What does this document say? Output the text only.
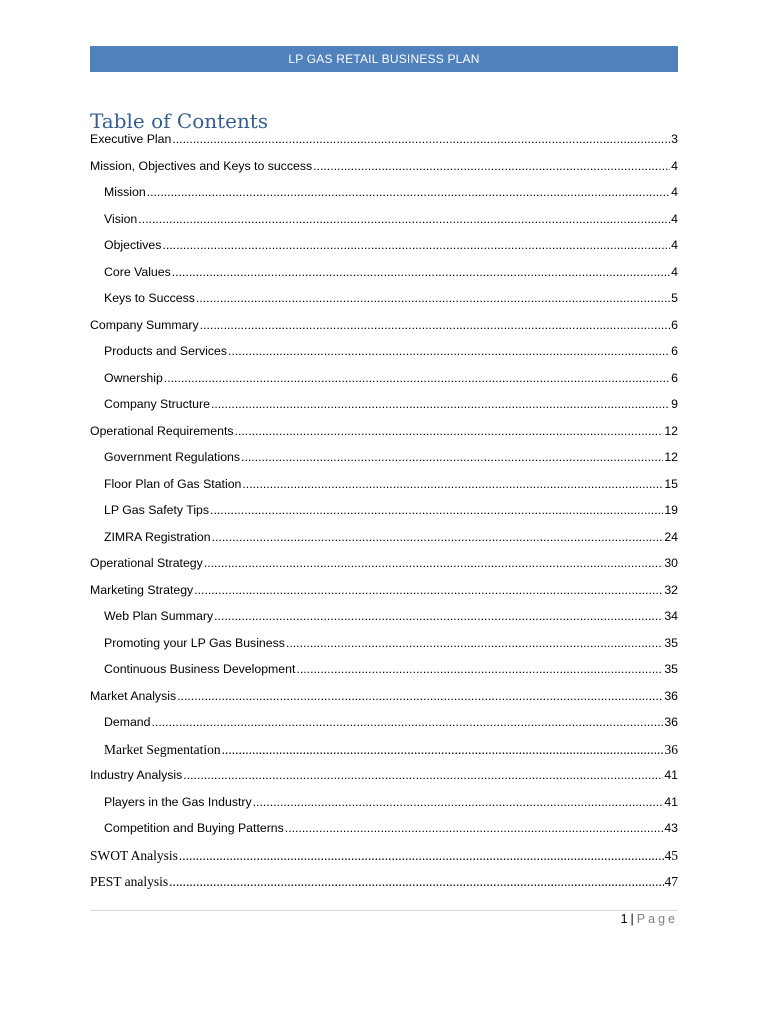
LP GAS RETAIL BUSINESS PLAN
Table of Contents
Executive Plan .....	3
Mission, Objectives and Keys to success .....	4
Mission .....	4
Vision .....	4
Objectives .....	4
Core Values .....	4
Keys to Success .....	5
Company Summary .....	6
Products and Services .....	6
Ownership .....	6
Company Structure .....	9
Operational Requirements .....	12
Government Regulations .....	12
Floor Plan of Gas Station .....	15
LP Gas Safety Tips .....	19
ZIMRA Registration .....	24
Operational Strategy .....	30
Marketing Strategy .....	32
Web Plan Summary .....	34
Promoting your LP Gas Business .....	35
Continuous Business Development .....	35
Market Analysis .....	36
Demand .....	36
Market Segmentation .....	36
Industry Analysis .....	41
Players in the Gas Industry .....	41
Competition and Buying Patterns .....	43
SWOT Analysis .....	45
PEST analysis .....	47
1 | Page
